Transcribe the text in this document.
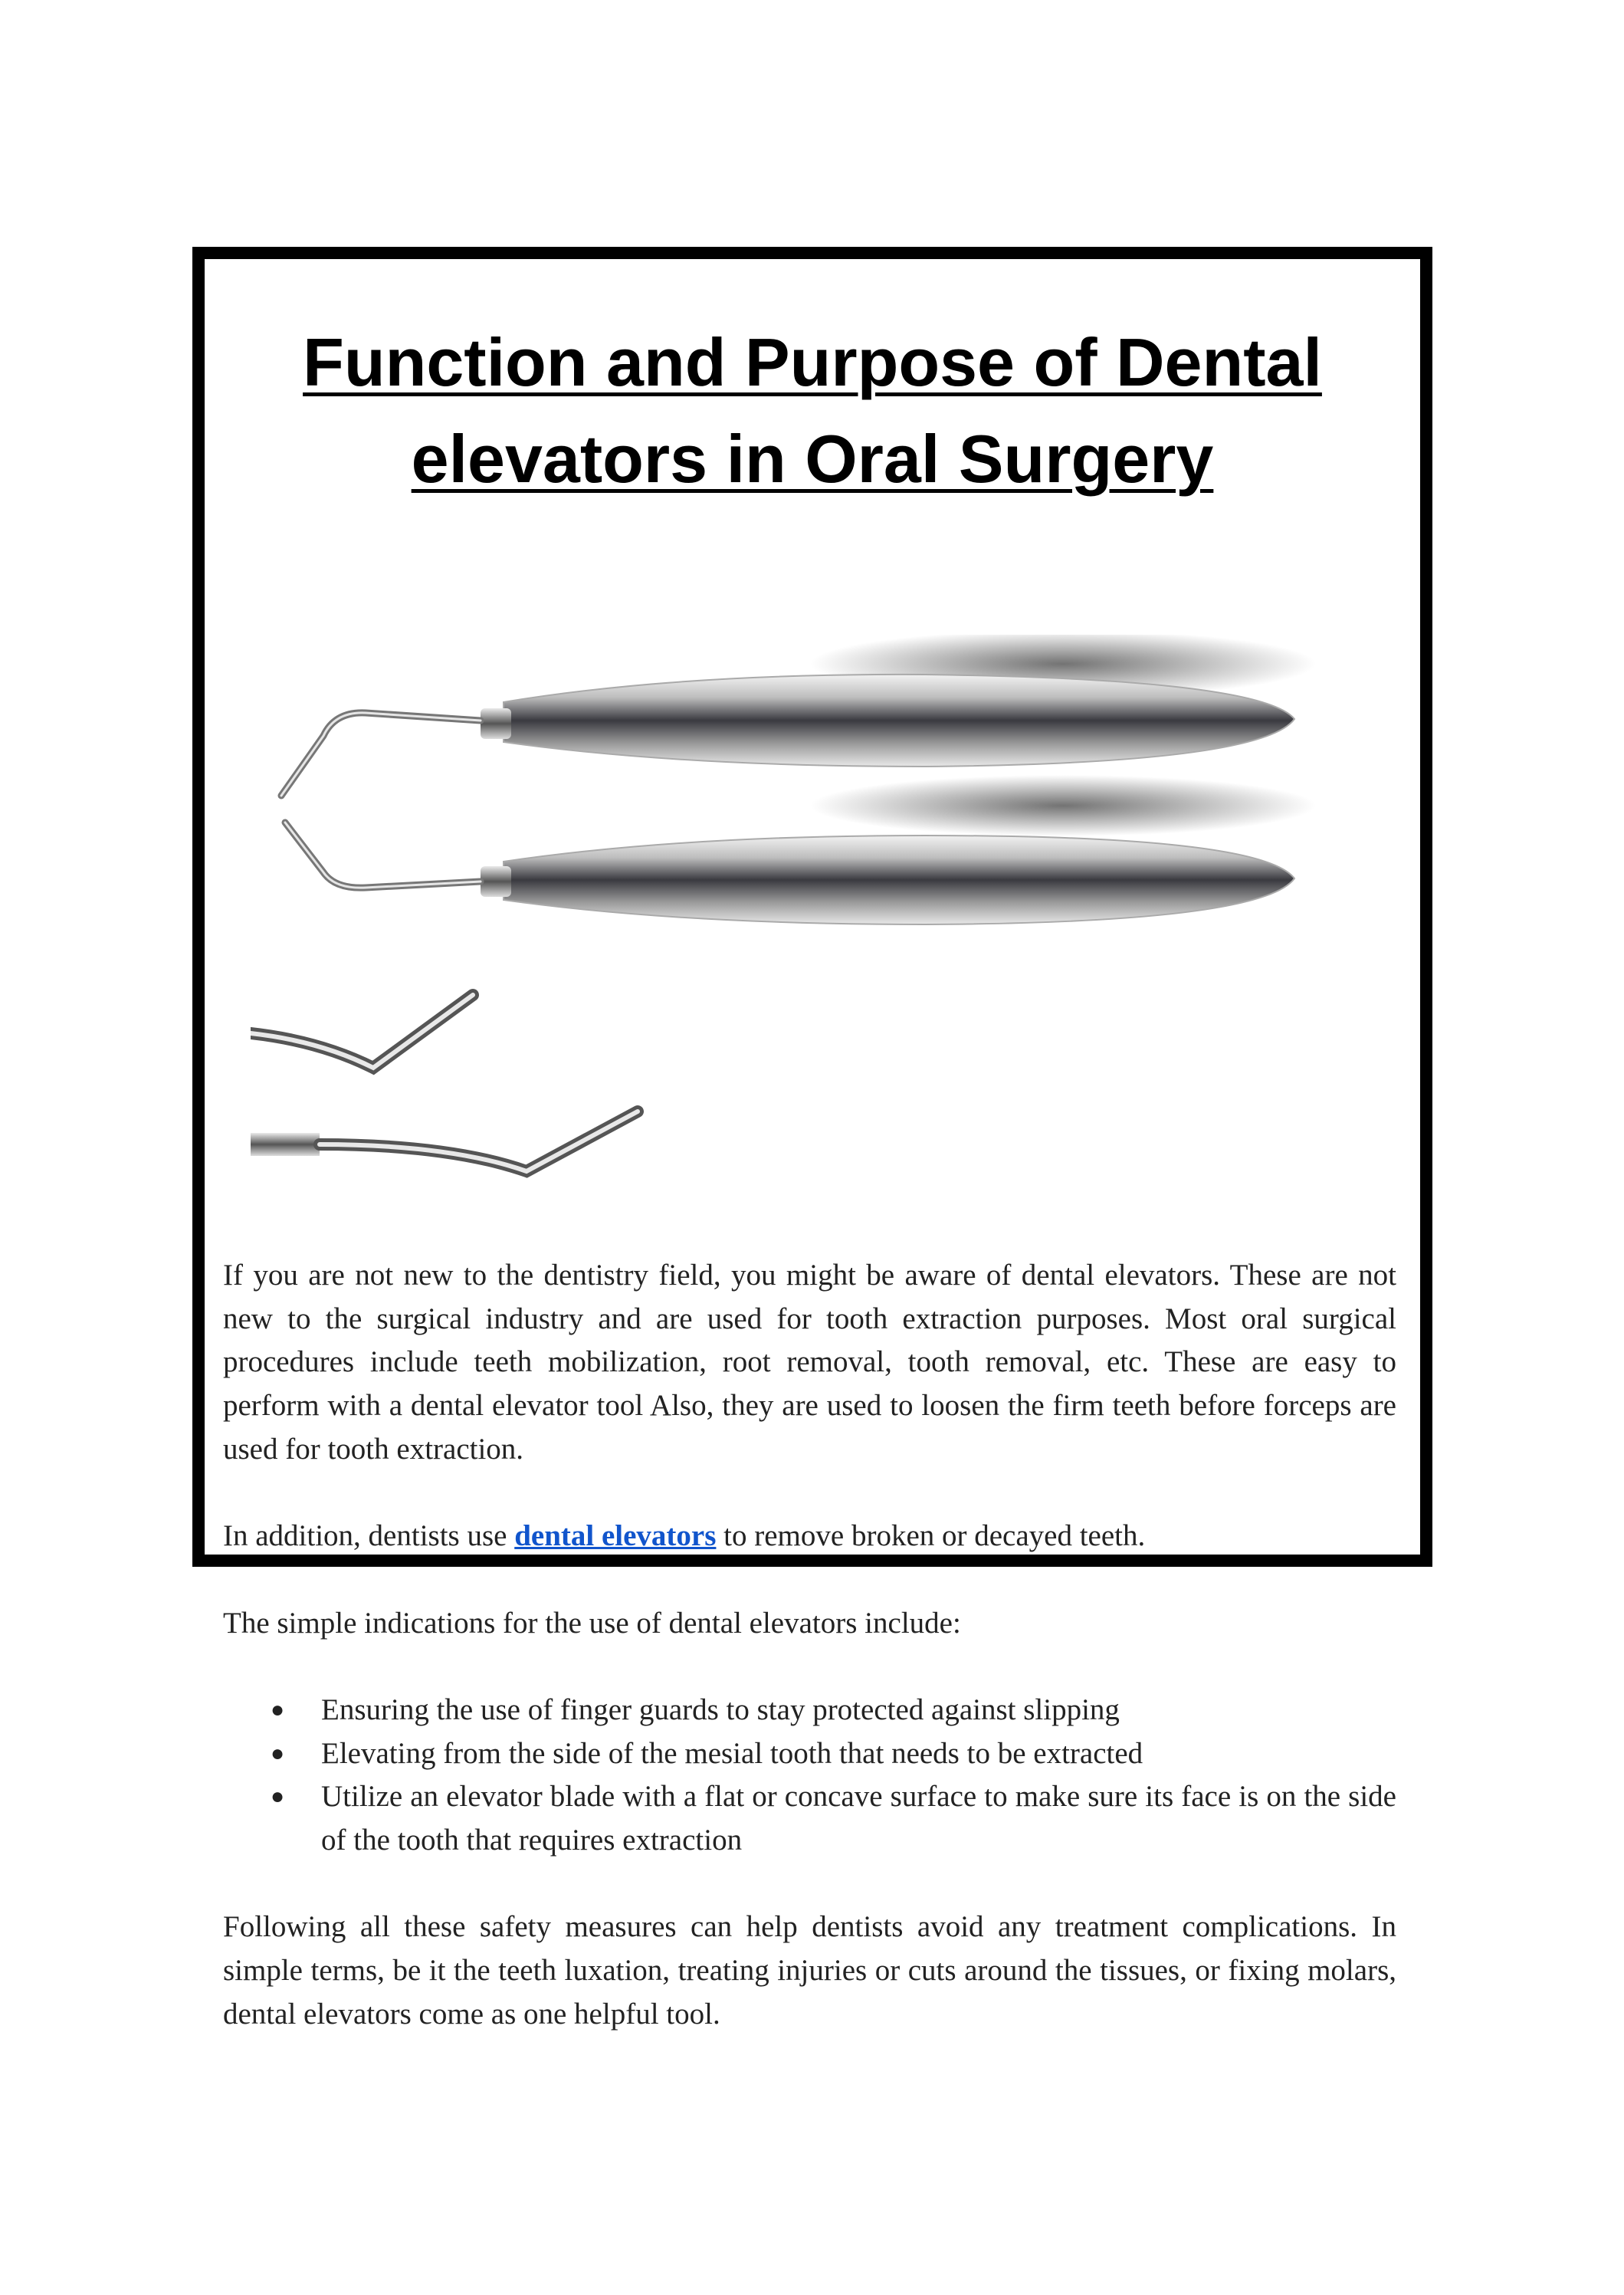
Function and Purpose of Dental
elevators in Oral Surgery

If you are not new to the dentistry field, you might be aware of dental elevators. These are not new to the surgical industry and are used for tooth extraction purposes. Most oral surgical procedures include teeth mobilization, root removal, tooth removal, etc. These are easy to perform with a dental elevator tool Also, they are used to loosen the firm teeth before forceps are used for tooth extraction.

In addition, dentists use dental elevators to remove broken or decayed teeth.

The simple indications for the use of dental elevators include:

● Ensuring the use of finger guards to stay protected against slipping
● Elevating from the side of the mesial tooth that needs to be extracted
● Utilize an elevator blade with a flat or concave surface to make sure its face is on the side of the tooth that requires extraction

Following all these safety measures can help dentists avoid any treatment complications. In simple terms, be it the teeth luxation, treating injuries or cuts around the tissues, or fixing molars, dental elevators come as one helpful tool.
